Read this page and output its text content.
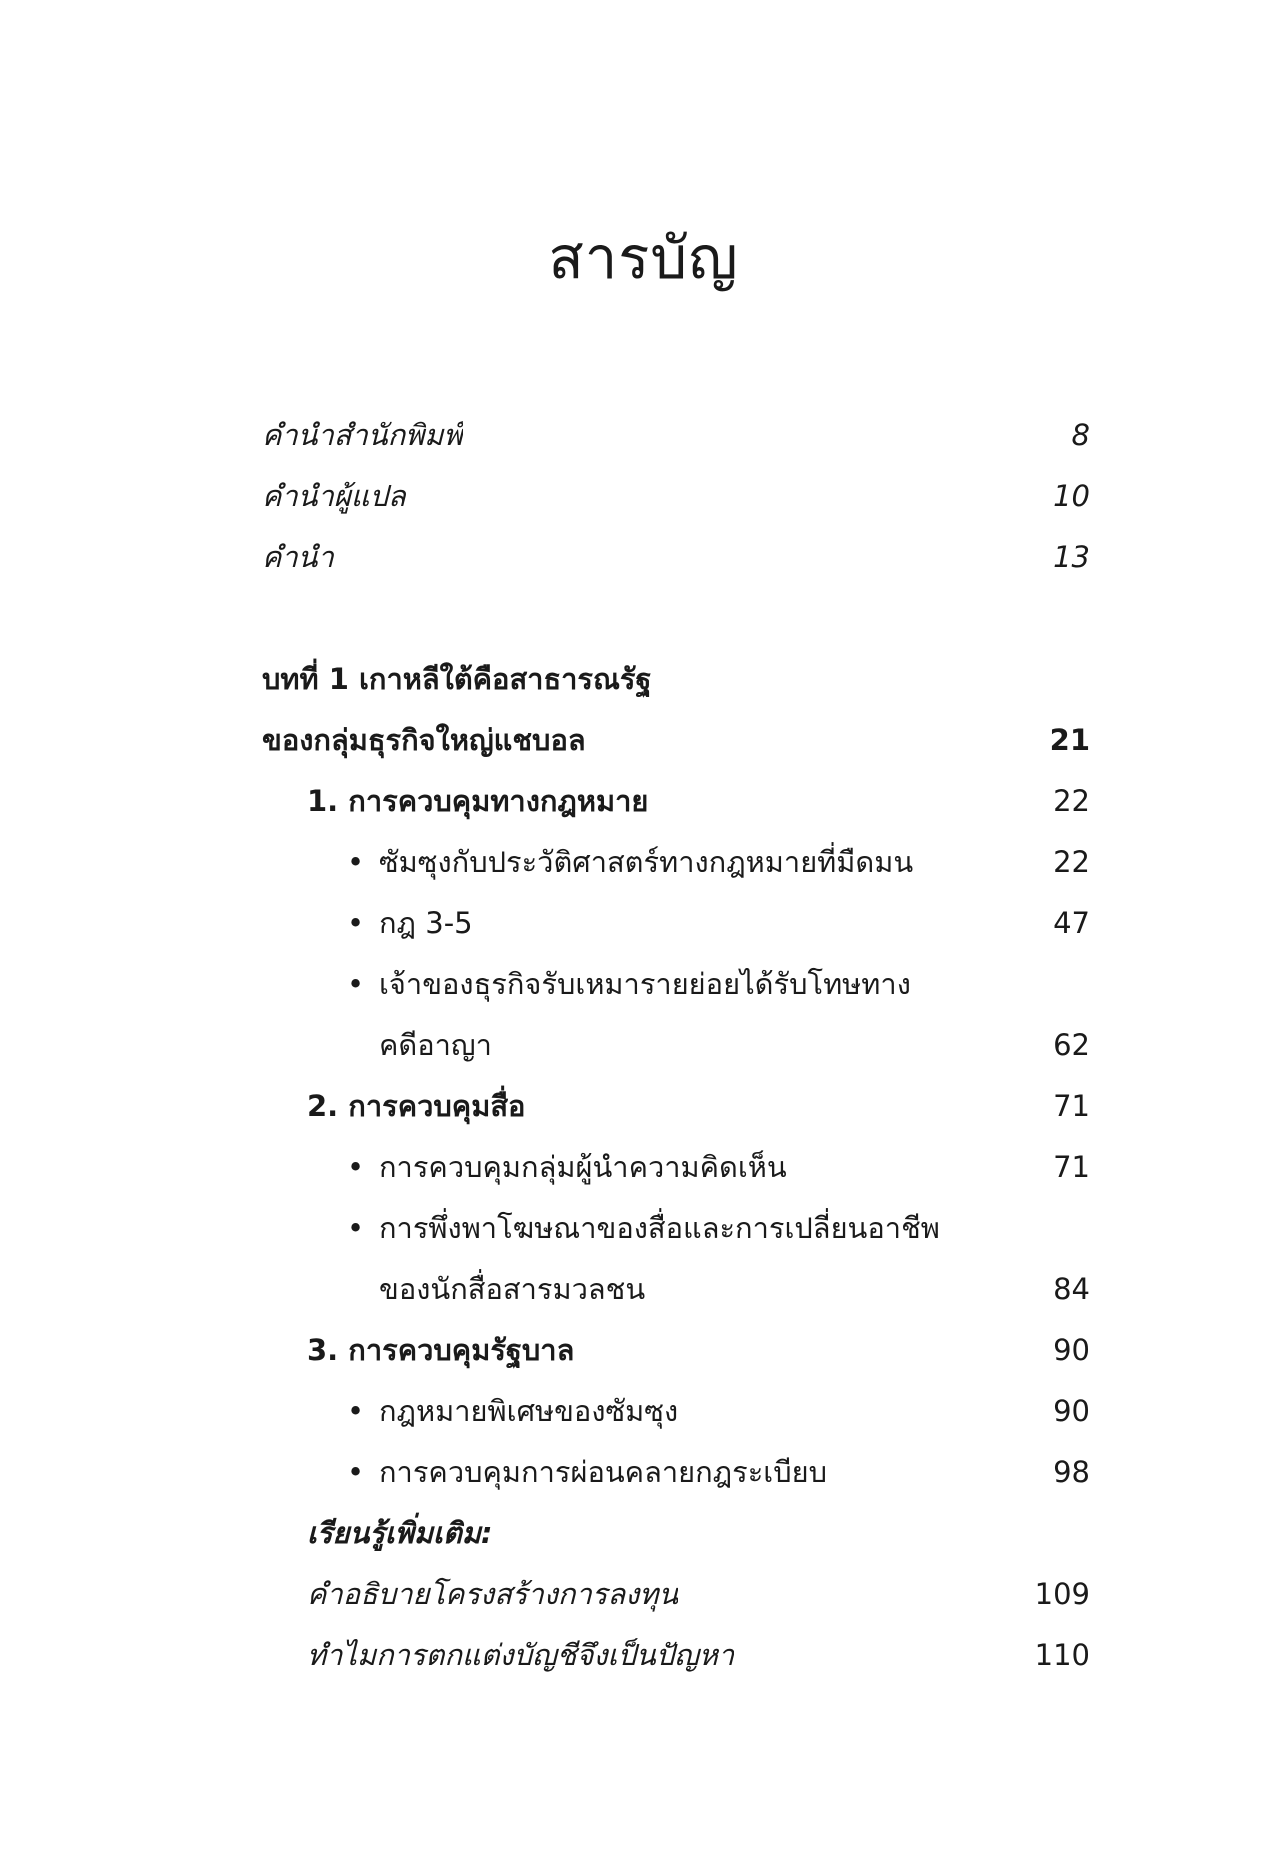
สารบัญ
คำนำสำนักพิมพ์	8
คำนำผู้แปล	10
คำนำ	13
บทที่ 1 เกาหลีใต้คือสาธารณรัฐ
ของกลุ่มธุรกิจใหญ่แชบอล	21
1. การควบคุมทางกฎหมาย	22
• ซัมซุงกับประวัติศาสตร์ทางกฎหมายที่มืดมน	22
• กฎ 3-5	47
• เจ้าของธุรกิจรับเหมารายย่อยได้รับโทษทาง
คดีอาญา	62
2. การควบคุมสื่อ	71
• การควบคุมกลุ่มผู้นำความคิดเห็น	71
• การพึ่งพาโฆษณาของสื่อและการเปลี่ยนอาชีพ
ของนักสื่อสารมวลชน	84
3. การควบคุมรัฐบาล	90
• กฎหมายพิเศษของซัมซุง	90
• การควบคุมการผ่อนคลายกฎระเบียบ	98
เรียนรู้เพิ่มเติม:
คำอธิบายโครงสร้างการลงทุน	109
ทำไมการตกแต่งบัญชีจึงเป็นปัญหา	110
